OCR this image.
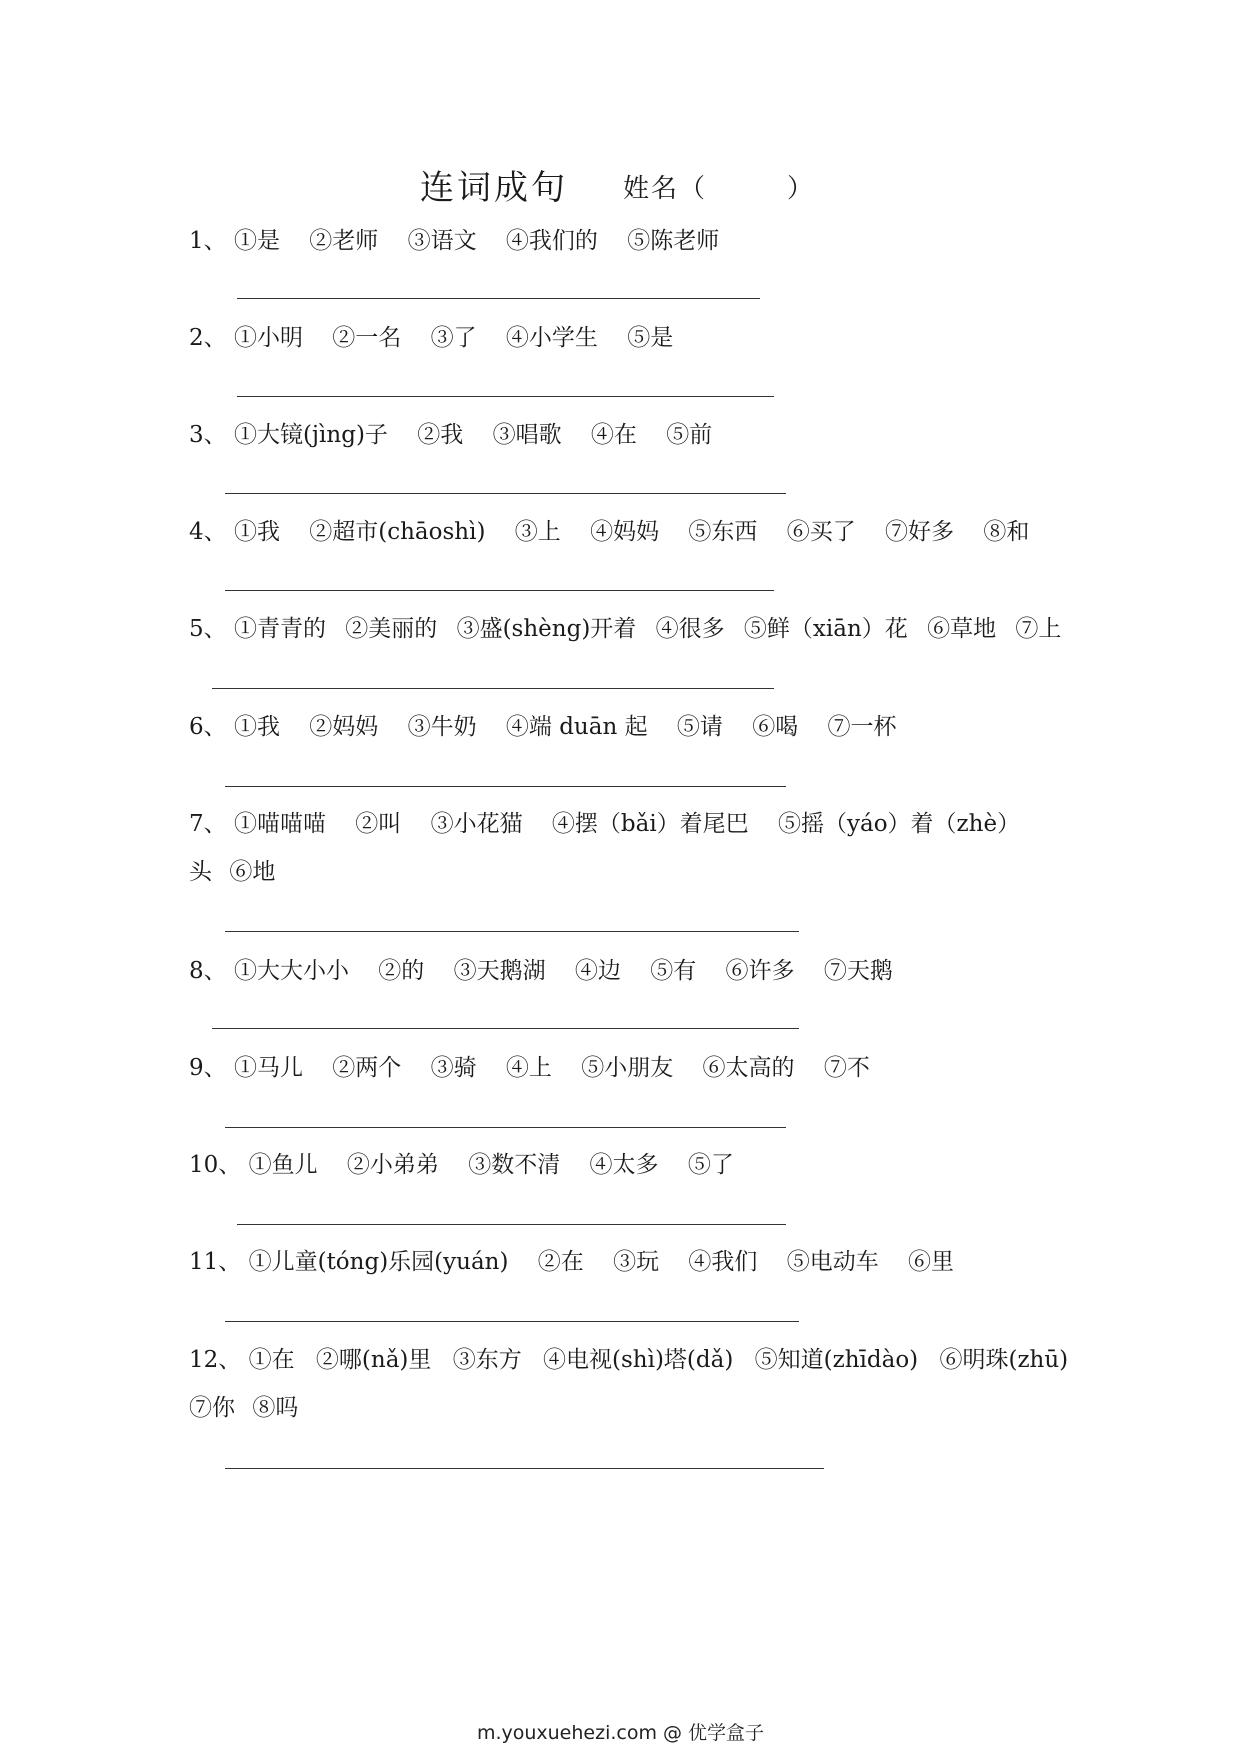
连词成句 姓名（	）
1、 ①是 ②老师 ③语文 ④我们的 ⑤陈老师
2、 ①小明 ②一名 ③了 ④小学生 ⑤是
3、 ①大镜(jìng)子 ②我 ③唱歌 ④在 ⑤前
4、 ①我 ②超市(chāoshì) ③上 ④妈妈 ⑤东西 ⑥买了 ⑦好多 ⑧和
5、 ①青青的 ②美丽的 ③盛(shèng)开着 ④很多 ⑤鲜（xiān）花 ⑥草地 ⑦上
6、 ①我 ②妈妈 ③牛奶 ④端 duān 起 ⑤请 ⑥喝 ⑦一杯
7、 ①喵喵喵 ②叫 ③小花猫 ④摆（bǎi）着尾巴 ⑤摇（yáo）着（zhè）
头 ⑥地
8、 ①大大小小 ②的 ③天鹅湖 ④边 ⑤有 ⑥许多 ⑦天鹅
9、 ①马儿 ②两个 ③骑 ④上 ⑤小朋友 ⑥太高的 ⑦不
10、 ①鱼儿 ②小弟弟 ③数不清 ④太多 ⑤了
11、 ①儿童(tóng)乐园(yuán) ②在 ③玩 ④我们 ⑤电动车 ⑥里
12、 ①在 ②哪(nǎ)里 ③东方 ④电视(shì)塔(dǎ) ⑤知道(zhīdào) ⑥明珠(zhū)
⑦你 ⑧吗
m.youxuehezi.com @ 优学盒子
